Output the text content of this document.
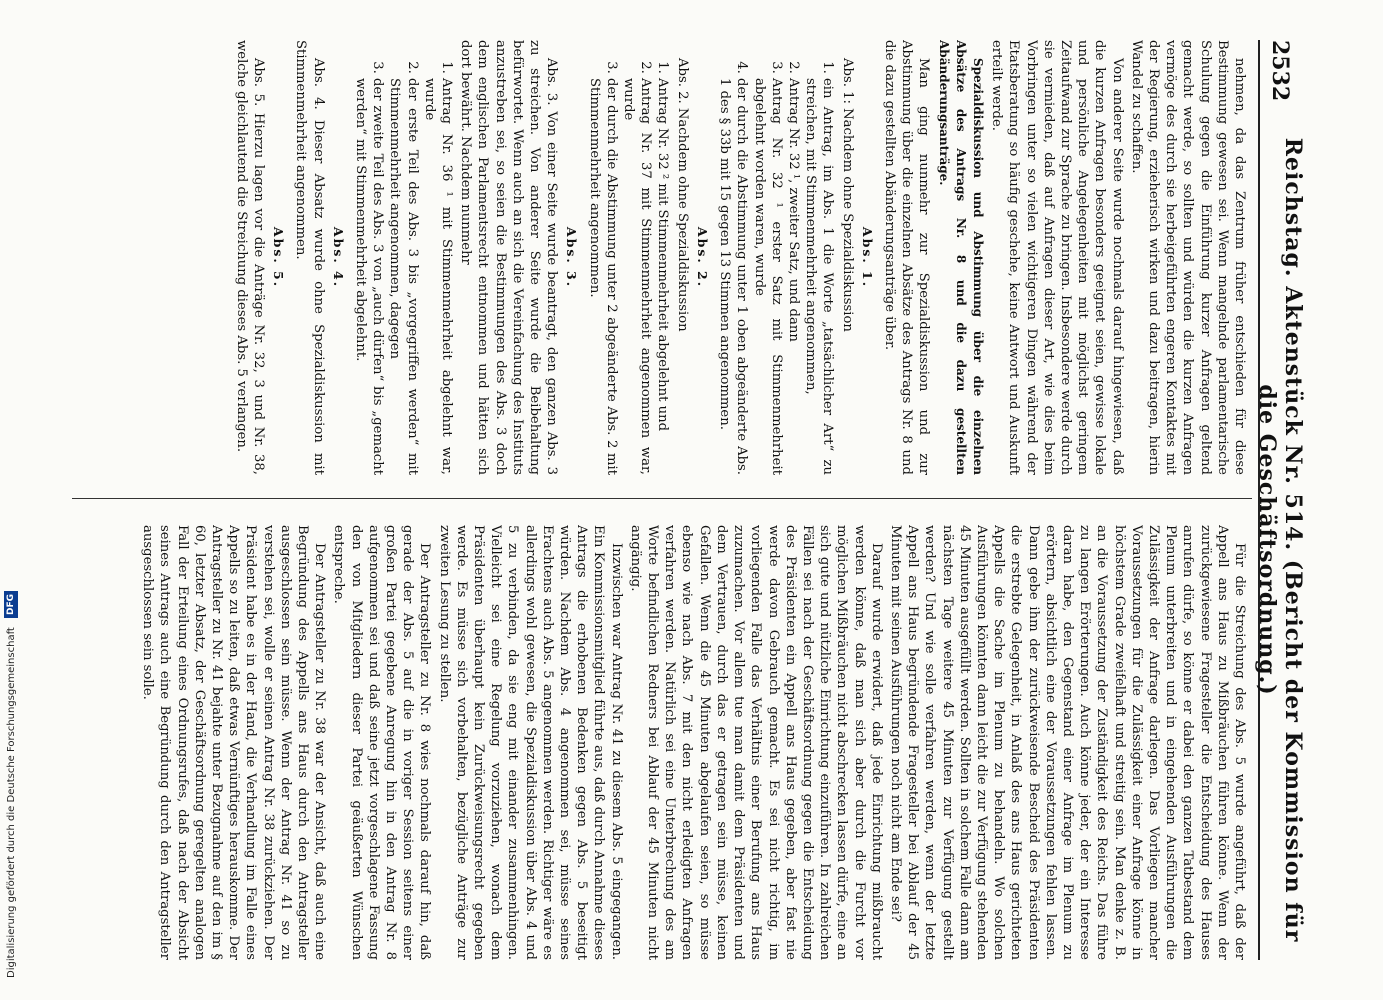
2532
Reichstag. Aktenstück Nr. 514. (Bericht der Kommission für die Geschäftsordnung.)

nehmen, da das Zentrum früher entschieden für diese Bestimmung gewesen sei. Wenn mangelnde parlamentarische Schulung gegen die Einführung kurzer Anfragen geltend gemacht werde, so sollten und würden die kurzen Anfragen vermöge des durch sie herbeigeführten engeren Kontaktes mit der Regierung, erzieherisch wirken und dazu beitragen, hierin Wandel zu schaffen.

Von anderer Seite wurde nochmals darauf hingewiesen, daß die kurzen Anfragen besonders geeignet seien, gewisse lokale und persönliche Angelegenheiten mit möglichst geringem Zeitaufwand zur Sprache zu bringen. Insbesondere werde durch sie vermieden, daß auf Anfragen dieser Art, wie dies beim Vorbringen unter so vielen wichtigeren Dingen während der Etatsberatung so häufig geschehe, keine Antwort und Auskunft erteilt werde.

Spezialdiskussion und Abstimmung über die einzelnen Absätze des Antrags Nr. 8 und die dazu gestellten Abänderungsanträge.

Man ging nunmehr zur Spezialdiskussion und zur Abstimmung über die einzelnen Absätze des Antrags Nr. 8 und die dazu gestellten Abänderungsanträge über.

Abs. 1.

Abs. 1: Nachdem ohne Spezialdiskussion

1. ein Antrag, im Abs. 1 die Worte „tatsächlicher Art“ zu streichen, mit Stimmenmehrheit angenommen,
2. Antrag Nr. 32 ¹, zweiter Satz, und dann
3. Antrag Nr. 32 ¹ erster Satz mit Stimmenmehrheit abgelehnt worden waren, wurde
4. der durch die Abstimmung unter 1 oben abgeänderte Abs. 1 des § 33b mit 15 gegen 13 Stimmen angenommen.

Abs. 2.

Abs. 2. Nachdem ohne Spezialdiskussion

1. Antrag Nr. 32 ² mit Stimmenmehrheit abgelehnt und
2. Antrag Nr. 37 mit Stimmenmehrheit angenommen war, wurde
3. der durch die Abstimmung unter 2 abgeänderte Abs. 2 mit Stimmenmehrheit angenommen.

Abs. 3.

Abs. 3. Von einer Seite wurde beantragt, den ganzen Abs. 3 zu streichen. Von anderer Seite wurde die Beibehaltung befürwortet. Wenn auch an sich die Vereinfachung des Instituts anzustreben sei, so seien die Bestimmungen des Abs. 3 doch dem englischen Parlamentsrecht entnommen und hätten sich dort bewährt. Nachdem nunmehr

1. Antrag Nr. 36 ¹ mit Stimmenmehrheit abgelehnt war, wurde
2. der erste Teil des Abs. 3 bis „vorgegriffen werden“ mit Stimmenmehrheit angenommen, dagegen
3. der zweite Teil des Abs. 3 von „auch dürfen“ bis „gemacht werden“ mit Stimmenmehrheit abgelehnt.

Abs. 4.

Abs. 4. Dieser Absatz wurde ohne Spezialdiskussion mit Stimmenmehrheit angenommen.

Abs. 5.

Abs. 5. Hierzu lagen vor die Anträge Nr. 32, 3 und Nr. 38, welche gleichlautend die Streichung dieses Abs. 5 verlangen.

Für die Streichung des Abs. 5 wurde angeführt, daß der Appell ans Haus zu Mißbräuchen führen könne. Wenn der zurückgewiesene Fragesteller die Entscheidung des Hauses anrufen dürfe, so könne er dabei den ganzen Tatbestand dem Plenum unterbreiten und in eingehenden Ausführungen die Zulässigkeit der Anfrage darlegen. Das Vorliegen mancher Voraussetzungen für die Zulässigkeit einer Anfrage könne in höchstem Grade zweifelhaft und streitig sein. Man denke z. B. an die Voraussetzung der Zuständigkeit des Reichs. Das führe zu langen Erörterungen. Auch könne jeder, der ein Interesse daran habe, den Gegenstand einer Anfrage im Plenum zu erörtern, absichtlich eine der Voraussetzungen fehlen lassen. Dann gebe ihm der zurückweisende Bescheid des Präsidenten die erstrebte Gelegenheit, in Anlaß des ans Haus gerichteten Appells die Sache im Plenum zu behandeln. Wo solchen Ausführungen könnten dann leicht die zur Verfügung stehenden 45 Minuten ausgefüllt werden. Sollten in solchem Falle dann am nächsten Tage weitere 45 Minuten zur Verfügung gestellt werden? Und wie solle verfahren werden, wenn der letzte Appell ans Haus begründende Fragesteller bei Ablauf der 45 Minuten mit seinen Ausführungen noch nicht am Ende sei?

Darauf wurde erwidert, daß jede Einrichtung mißbraucht werden könne, daß man sich aber durch die Furcht vor möglichen Mißbräuchen nicht abschrecken lassen dürfe, eine an sich gute und nützliche Einrichtung einzuführen. In zahlreichen Fällen sei nach der Geschäftsordnung gegen die Entscheidung des Präsidenten ein Appell ans Haus gegeben, aber fast nie werde davon Gebrauch gemacht. Es sei nicht richtig, im vorliegenden Falle das Verhältnis einer Berufung ans Haus zuzumachen. Vor allem tue man damit dem Präsidenten und dem Vertrauen, durch das er getragen sein müsse, keinen Gefallen. Wenn die 45 Minuten abgelaufen seien, so müsse ebenso wie nach Abs. 7 mit den nicht erledigten Anfragen verfahren werden. Natürlich sei eine Unterbrechung des am Worte befindlichen Redners bei Ablauf der 45 Minuten nicht angängig.

Inzwischen war Antrag Nr. 41 zu diesem Abs. 5 eingegangen. Ein Kommissionsmitglied führte aus, daß durch Annahme dieses Antrags die erhobenen Bedenken gegen Abs. 5 beseitigt würden. Nachdem Abs. 4 angenommen sei, müsse seines Erachtens auch Abs. 5 angenommen werden. Richtiger wäre es allerdings wohl gewesen, die Spezialdiskussion über Abs. 4 und 5 zu verbinden, da sie eng mit einander zusammenhingen. Vielleicht sei eine Regelung vorzuziehen, wonach dem Präsidenten überhaupt kein Zurückweisungsrecht gegeben werde. Es müsse sich vorbehalten, bezügliche Anträge zur zweiten Lesung zu stellen.

Der Antragsteller zu Nr. 8 wies nochmals darauf hin, daß gerade der Abs. 5 auf die in voriger Session seitens einer großen Partei gegebene Anregung hin in den Antrag Nr. 8 aufgenommen sei und daß seine jetzt vorgeschlagene Fassung den von Mitgliedern dieser Partei geäußerten Wünschen entspreche.

Der Antragsteller zu Nr. 38 war der Ansicht, daß auch eine Begründung des Appells ans Haus durch den Antragsteller ausgeschlossen sein müsse. Wenn der Antrag Nr. 41 so zu verstehen sei, wolle er seinen Antrag Nr. 38 zurückziehen. Der Präsident habe es in der Hand, die Verhandlung im Falle eines Appells so zu leiten, daß etwas Vernünftiges herauskomme. Der Antragsteller zu Nr. 41 bejahte unter Bezugnahme auf den im § 60, letzter Absatz, der Geschäftsordnung geregelten analogen Fall der Erteilung eines Ordnungsrufes, daß nach der Absicht seines Antrags auch eine Begründung durch den Antragsteller ausgeschlossen sein solle.

Digitalisierung gefördert durch die Deutsche Forschungsgemeinschaft DFG
